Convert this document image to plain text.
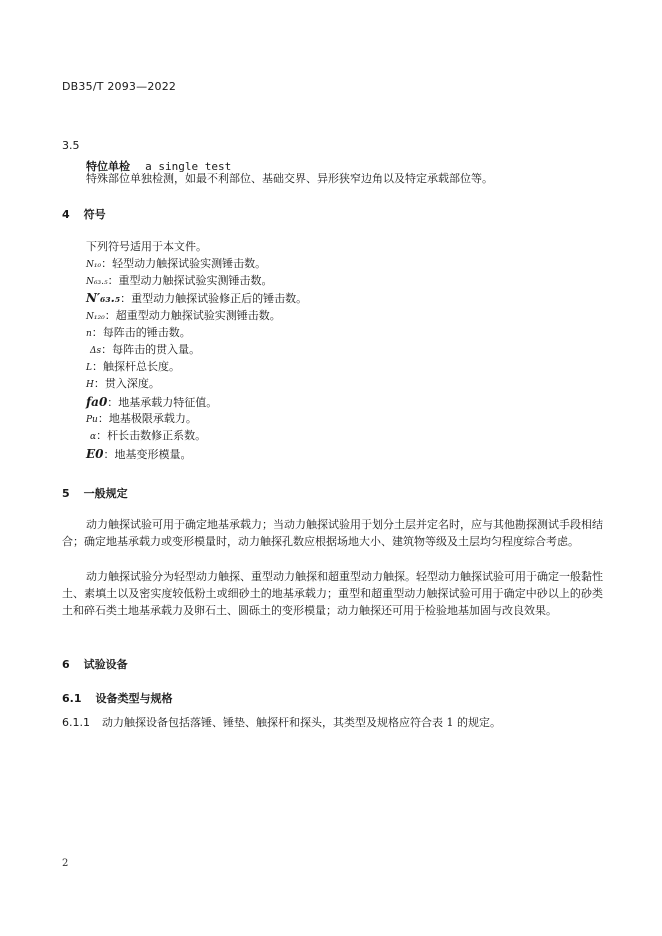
DB35/T 2093—2022
3.5
特位单检 a single test
特殊部位单独检测，如最不利部位、基础交界、异形狭窄边角以及特定承载部位等。
4 符号
下列符号适用于本文件。
N₁₀：轻型动力触探试验实测锤击数。
N₆₃.₅：重型动力触探试验实测锤击数。
N′₆₃.₅：重型动力触探试验修正后的锤击数。
N₁₂₀：超重型动力触探试验实测锤击数。
n：每阵击的锤击数。
Δs：每阵击的贯入量。
L：触探杆总长度。
H：贯入深度。
fa0：地基承载力特征值。
Pu：地基极限承载力。
α：杆长击数修正系数。
E0：地基变形模量。
5 一般规定
动力触探试验可用于确定地基承载力；当动力触探试验用于划分土层并定名时，应与其他勘探测试手段相结合；确定地基承载力或变形模量时，动力触探孔数应根据场地大小、建筑物等级及土层均匀程度综合考虑。
动力触探试验分为轻型动力触探、重型动力触探和超重型动力触探。轻型动力触探试验可用于确定一般黏性土、素填土以及密实度较低粉土或细砂土的地基承载力；重型和超重型动力触探试验可用于确定中砂以上的砂类土和碎石类土地基承载力及卵石土、圆砾土的变形模量；动力触探还可用于检验地基加固与改良效果。
6 试验设备
6.1 设备类型与规格
6.1.1 动力触探设备包括落锤、锤垫、触探杆和探头，其类型及规格应符合表 1 的规定。
2
